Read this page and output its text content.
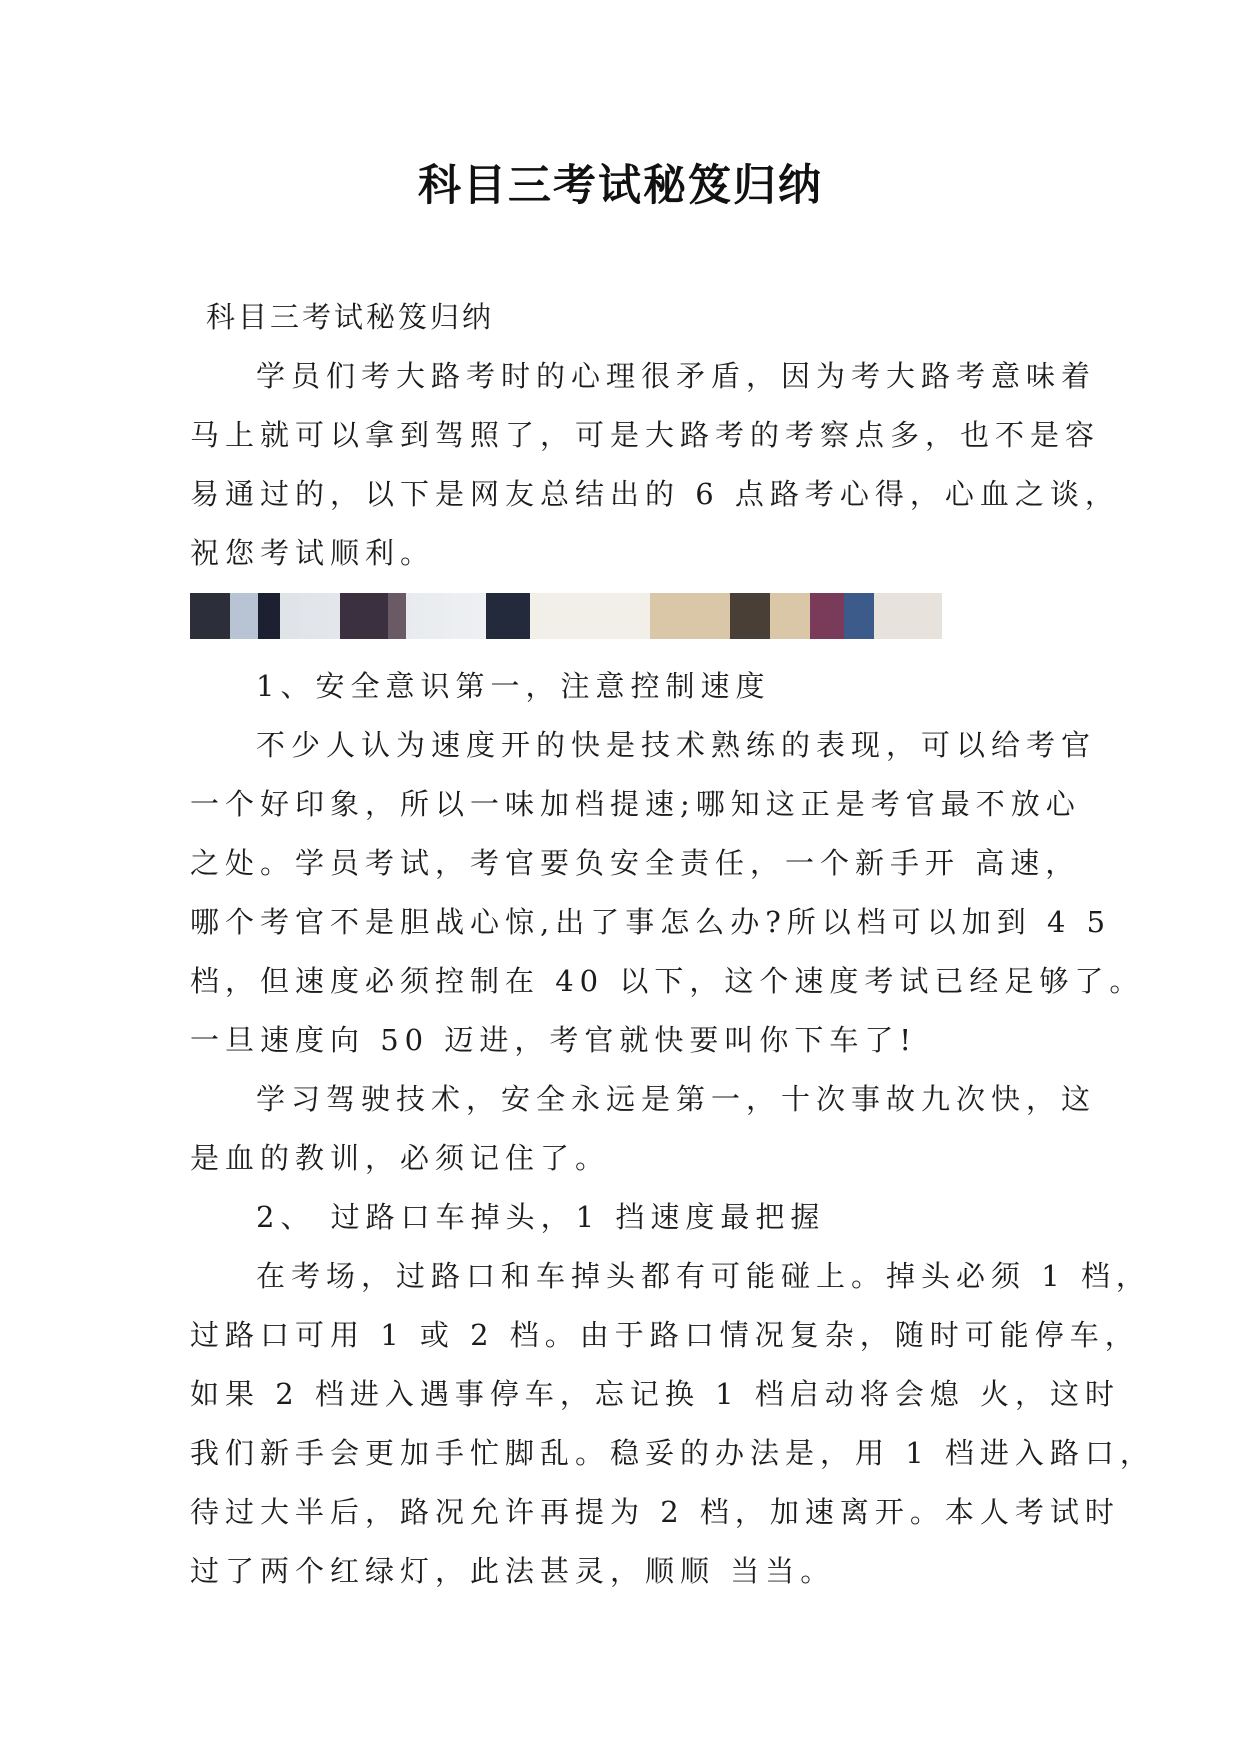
科目三考试秘笈归纳
科目三考试秘笈归纳
学员们考大路考时的心理很矛盾，因为考大路考意味着
马上就可以拿到驾照了，可是大路考的考察点多，也不是容
易通过的，以下是网友总结出的 6 点路考心得，心血之谈，
祝您考试顺利。
1、安全意识第一，注意控制速度
不少人认为速度开的快是技术熟练的表现，可以给考官
一个好印象，所以一味加档提速;哪知这正是考官最不放心
之处。学员考试，考官要负安全责任，一个新手开 高速，
哪个考官不是胆战心惊,出了事怎么办?所以档可以加到 4 5
档，但速度必须控制在 40 以下，这个速度考试已经足够了。
一旦速度向 50 迈进，考官就快要叫你下车了!
学习驾驶技术，安全永远是第一，十次事故九次快，这
是血的教训，必须记住了。
2、 过路口车掉头，1 挡速度最把握
在考场，过路口和车掉头都有可能碰上。掉头必须 1 档，
过路口可用 1 或 2 档。由于路口情况复杂，随时可能停车，
如果 2 档进入遇事停车，忘记换 1 档启动将会熄 火，这时
我们新手会更加手忙脚乱。稳妥的办法是，用 1 档进入路口，
待过大半后，路况允许再提为 2 档，加速离开。本人考试时
过了两个红绿灯，此法甚灵，顺顺 当当。
